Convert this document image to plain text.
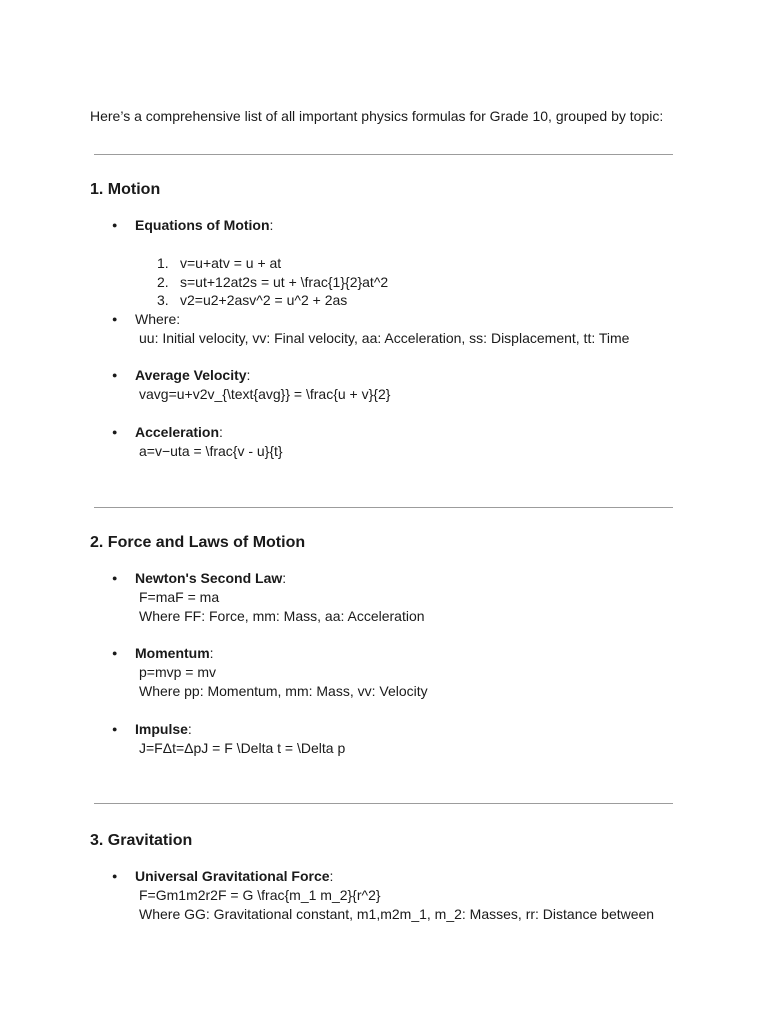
Here’s a comprehensive list of all important physics formulas for Grade 10, grouped by topic:
1. Motion
● Equations of Motion:
1. v=u+atv = u + at
2. s=ut+12at2s = ut + \frac{1}{2}at^2
3. v2=u2+2asv^2 = u^2 + 2as
● Where:
uu: Initial velocity, vv: Final velocity, aa: Acceleration, ss: Displacement, tt: Time
● Average Velocity:
vavg=u+v2v_{\text{avg}} = \frac{u + v}{2}
● Acceleration:
a=v−uta = \frac{v - u}{t}
2. Force and Laws of Motion
● Newton's Second Law:
F=maF = ma
Where FF: Force, mm: Mass, aa: Acceleration
● Momentum:
p=mvp = mv
Where pp: Momentum, mm: Mass, vv: Velocity
● Impulse:
J=FΔt=ΔpJ = F \Delta t = \Delta p
3. Gravitation
● Universal Gravitational Force:
F=Gm1m2r2F = G \frac{m_1 m_2}{r^2}
Where GG: Gravitational constant, m1,m2m_1, m_2: Masses, rr: Distance between
